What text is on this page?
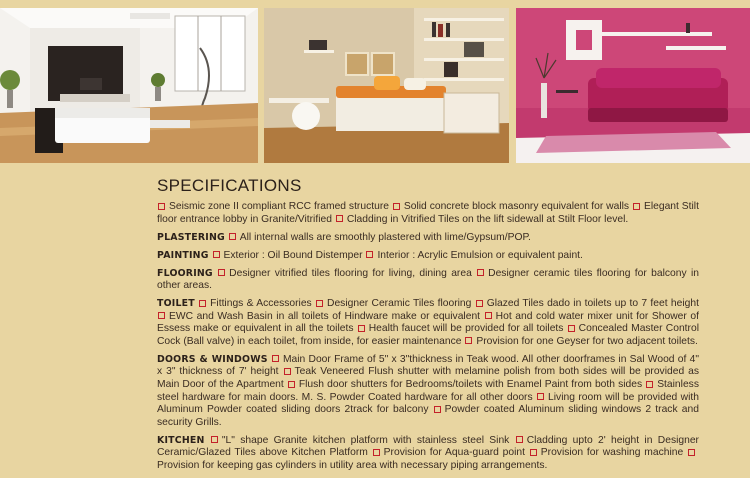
SPECIFICATIONS

Seismic zone II compliant RCC framed structure Solid concrete block masonry equivalent for walls Elegant Stilt floor entrance lobby in Granite/Vitrified Cladding in Vitrified Tiles on the lift sidewall at Stilt Floor level.

PLASTERING All internal walls are smoothly plastered with lime/Gypsum/POP.

PAINTING Exterior : Oil Bound Distemper Interior : Acrylic Emulsion or equivalent paint.

FLOORING Designer vitrified tiles flooring for living, dining area Designer ceramic tiles flooring for balcony in other areas.

TOILET Fittings & Accessories Designer Ceramic Tiles flooring Glazed Tiles dado in toilets up to 7 feet height EWC and Wash Basin in all toilets of Hindware make or equivalent Hot and cold water mixer unit for Shower of Essess make or equivalent in all the toilets Health faucet will be provided for all toilets Concealed Master Control Cock (Ball valve) in each toilet, from inside, for easier maintenance Provision for one Geyser for two adjacent toilets.

DOORS & WINDOWS Main Door Frame of 5" x 3"thickness in Teak wood. All other doorframes in Sal Wood of 4" x 3" thickness of 7' height Teak Veneered Flush shutter with melamine polish from both sides will be provided as Main Door of the Apartment Flush door shutters for Bedrooms/toilets with Enamel Paint from both sides Stainless steel hardware for main doors. M. S. Powder Coated hardware for all other doors Living room will be provided with Aluminum Powder coated sliding doors 2track for balcony Powder coated Aluminum sliding windows 2 track and security Grills.

KITCHEN "L" shape Granite kitchen platform with stainless steel Sink Cladding upto 2' height in Designer Ceramic/Glazed Tiles above Kitchen Platform Provision for Aqua-guard point Provision for washing machine Provision for keeping gas cylinders in utility area with necessary piping arrangements.
